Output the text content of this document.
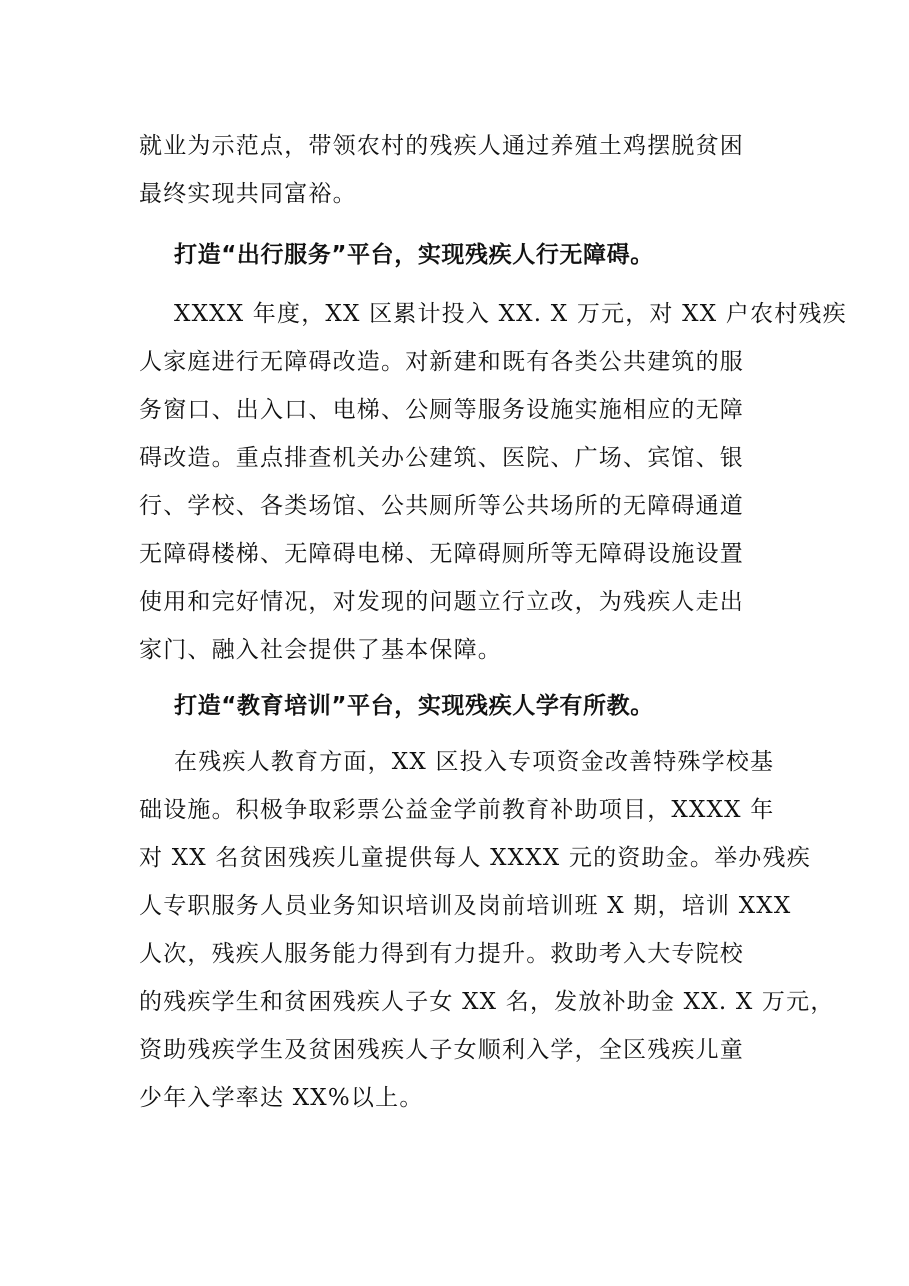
就业为示范点，带领农村的残疾人通过养殖土鸡摆脱贫困
最终实现共同富裕。
打造“出行服务”平台，实现残疾人行无障碍。
XXXX 年度，XX 区累计投入 XX. X 万元，对 XX 户农村残疾
人家庭进行无障碍改造。对新建和既有各类公共建筑的服
务窗口、出入口、电梯、公厕等服务设施实施相应的无障
碍改造。重点排查机关办公建筑、医院、广场、宾馆、银
行、学校、各类场馆、公共厕所等公共场所的无障碍通道
无障碍楼梯、无障碍电梯、无障碍厕所等无障碍设施设置
使用和完好情况，对发现的问题立行立改，为残疾人走出
家门、融入社会提供了基本保障。
打造“教育培训”平台，实现残疾人学有所教。
在残疾人教育方面，XX 区投入专项资金改善特殊学校基
础设施。积极争取彩票公益金学前教育补助项目，XXXX 年
对 XX 名贫困残疾儿童提供每人 XXXX 元的资助金。举办残疾
人专职服务人员业务知识培训及岗前培训班 X 期，培训 XXX
人次，残疾人服务能力得到有力提升。救助考入大专院校
的残疾学生和贫困残疾人子女 XX 名，发放补助金 XX. X 万元，
资助残疾学生及贫困残疾人子女顺利入学，全区残疾儿童
少年入学率达 XX%以上。
